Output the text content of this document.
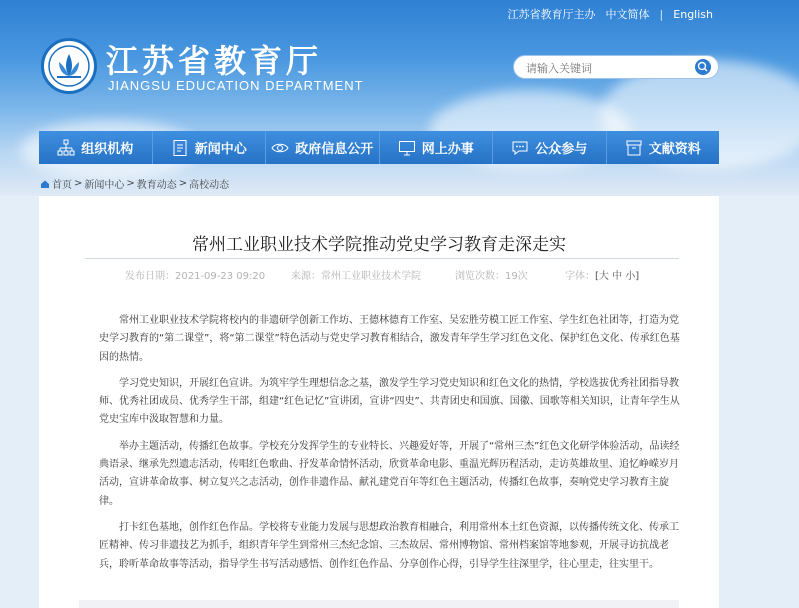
江苏省教育厅主办 中文简体 | English
江苏省教育厅
JIANGSU EDUCATION DEPARTMENT
请输入关键词
组织机构	新闻中心	政府信息公开	网上办事	公众参与	文献资料
首页 > 新闻中心 > 教育动态 > 高校动态
常州工业职业技术学院推动党史学习教育走深走实
发布日期：2021-09-23 09:20	来源：常州工业职业技术学院	浏览次数：19次	字体：[大 中 小]

常州工业职业技术学院将校内的非遗研学创新工作坊、王德林德育工作室、吴宏胜劳模工匠工作室、学生红色社团等，打造为党史学习教育的“第二课堂”，将“第二课堂”特色活动与党史学习教育相结合，激发青年学生学习红色文化、保护红色文化、传承红色基因的热情。

学习党史知识，开展红色宣讲。为筑牢学生理想信念之基，激发学生学习党史知识和红色文化的热情，学校选拔优秀社团指导教师、优秀社团成员、优秀学生干部，组建“红色记忆”宣讲团，宣讲“四史”、共青团史和国旗、国徽、国歌等相关知识，让青年学生从党史宝库中汲取智慧和力量。

举办主题活动，传播红色故事。学校充分发挥学生的专业特长、兴趣爱好等，开展了“常州三杰”红色文化研学体验活动，品读经典语录、继承先烈遗志活动，传唱红色歌曲、抒发革命情怀活动，欣赏革命电影、重温光辉历程活动，走访英雄故里、追忆峥嵘岁月活动，宣讲革命故事、树立复兴之志活动，创作非遗作品、献礼建党百年等红色主题活动，传播红色故事，奏响党史学习教育主旋律。

打卡红色基地，创作红色作品。学校将专业能力发展与思想政治教育相融合，利用常州本土红色资源，以传播传统文化、传承工匠精神、传习非遗技艺为抓手，组织青年学生到常州三杰纪念馆、三杰故居、常州博物馆、常州档案馆等地参观，开展寻访抗战老兵，聆听革命故事等活动，指导学生书写活动感悟、创作红色作品、分享创作心得，引导学生往深里学，往心里走，往实里干。
